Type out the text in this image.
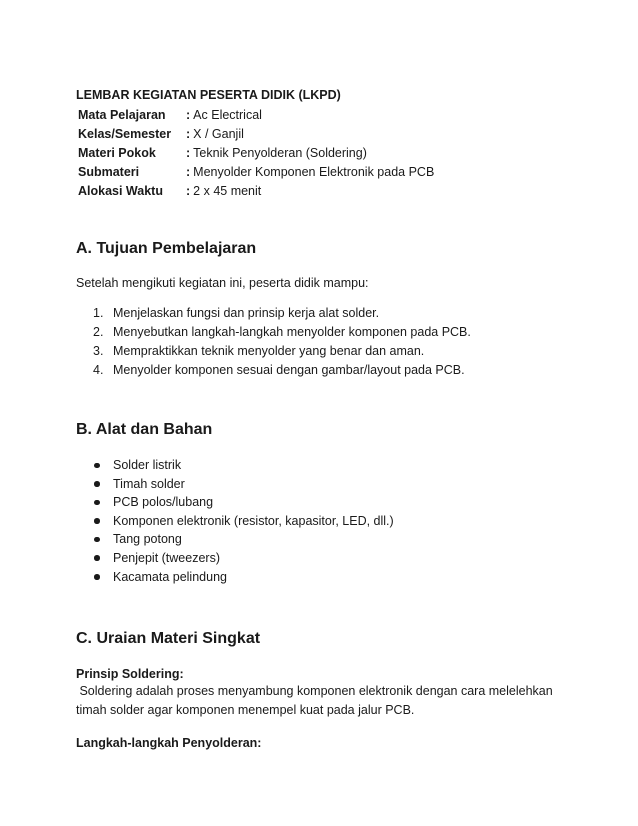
LEMBAR KEGIATAN PESERTA DIDIK (LKPD)
Mata Pelajaran	: Ac Electrical
Kelas/Semester	: X / Ganjil
Materi Pokok	: Teknik Penyolderan (Soldering)
Submateri	: Menyolder Komponen Elektronik pada PCB
Alokasi Waktu	: 2 x 45 menit
A. Tujuan Pembelajaran

Setelah mengikuti kegiatan ini, peserta didik mampu:

1. Menjelaskan fungsi dan prinsip kerja alat solder.
2. Menyebutkan langkah-langkah menyolder komponen pada PCB.
3. Mempraktikkan teknik menyolder yang benar dan aman.
4. Menyolder komponen sesuai dengan gambar/layout pada PCB.
B. Alat dan Bahan
Solder listrik
Timah solder
PCB polos/lubang
Komponen elektronik (resistor, kapasitor, LED, dll.)
Tang potong
Penjepit (tweezers)
Kacamata pelindung
C. Uraian Materi Singkat
Prinsip Soldering:

Soldering adalah proses menyambung komponen elektronik dengan cara melelehkan

timah solder agar komponen menempel kuat pada jalur PCB.

Langkah-langkah Penyolderan:
